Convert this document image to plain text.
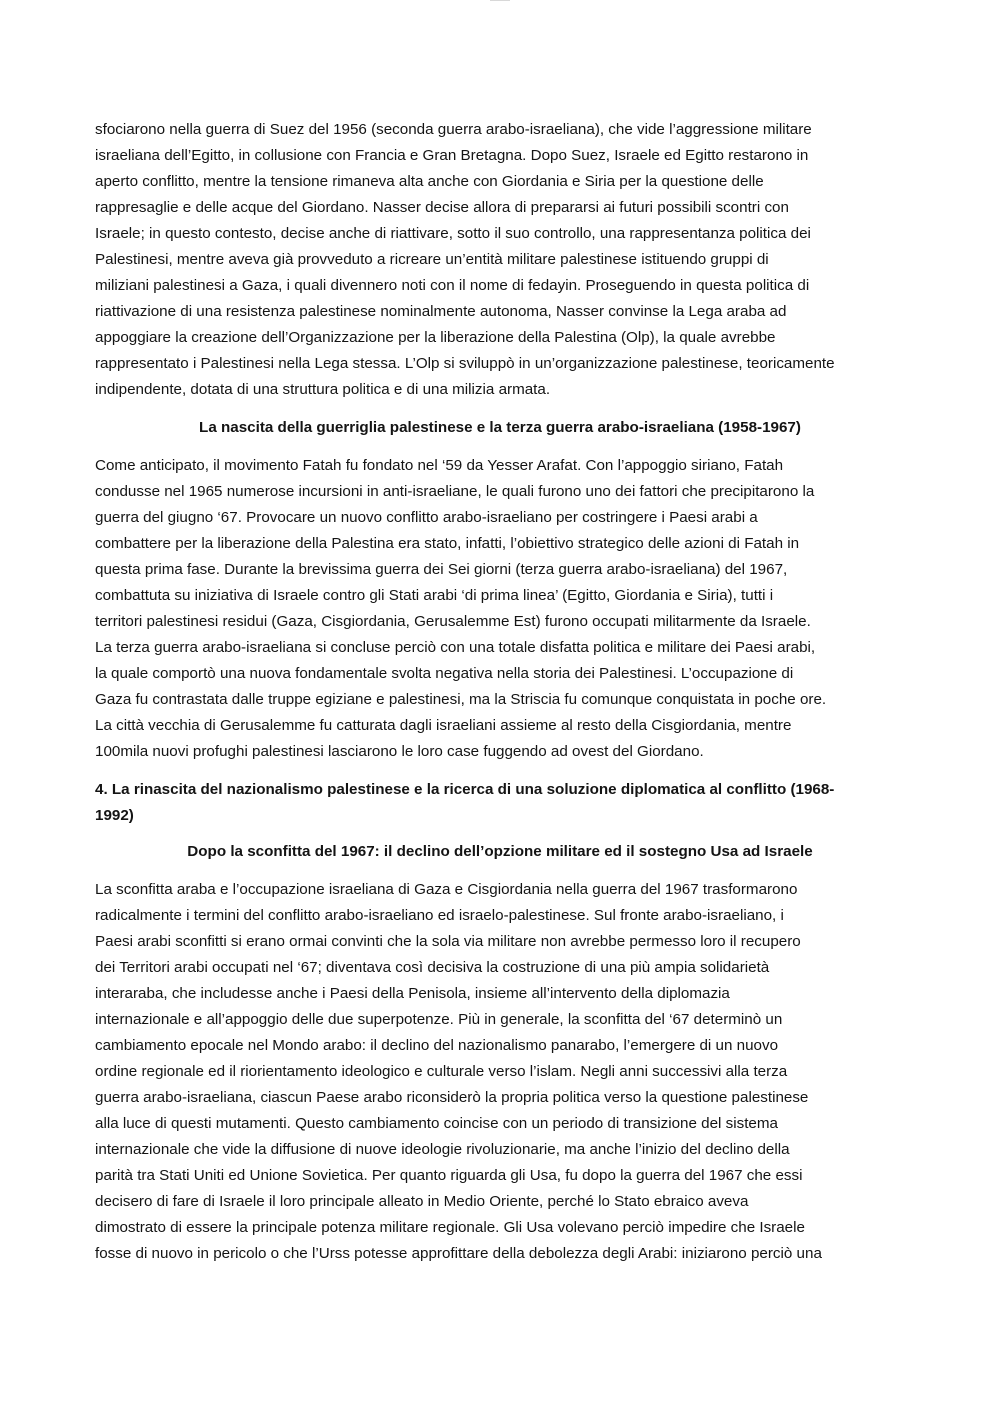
sfociarono nella guerra di Suez del 1956 (seconda guerra arabo-israeliana), che vide l’aggressione militare
israeliana dell’Egitto, in collusione con Francia e Gran Bretagna. Dopo Suez, Israele ed Egitto restarono in
aperto conflitto, mentre la tensione rimaneva alta anche con Giordania e Siria per la questione delle
rappresaglie e delle acque del Giordano. Nasser decise allora di prepararsi ai futuri possibili scontri con
Israele; in questo contesto, decise anche di riattivare, sotto il suo controllo, una rappresentanza politica dei
Palestinesi, mentre aveva già provveduto a ricreare un’entità militare palestinese istituendo gruppi di
miliziani palestinesi a Gaza, i quali divennero noti con il nome di fedayin. Proseguendo in questa politica di
riattivazione di una resistenza palestinese nominalmente autonoma, Nasser convinse la Lega araba ad
appoggiare la creazione dell’Organizzazione per la liberazione della Palestina (Olp), la quale avrebbe
rappresentato i Palestinesi nella Lega stessa. L’Olp si sviluppò in un’organizzazione palestinese, teoricamente
indipendente, dotata di una struttura politica e di una milizia armata.
La nascita della guerriglia palestinese e la terza guerra arabo-israeliana (1958-1967)
Come anticipato, il movimento Fatah fu fondato nel ‘59 da Yesser Arafat. Con l’appoggio siriano, Fatah
condusse nel 1965 numerose incursioni in anti-israeliane, le quali furono uno dei fattori che precipitarono la
guerra del giugno ‘67. Provocare un nuovo conflitto arabo-israeliano per costringere i Paesi arabi a
combattere per la liberazione della Palestina era stato, infatti, l’obiettivo strategico delle azioni di Fatah in
questa prima fase. Durante la brevissima guerra dei Sei giorni (terza guerra arabo-israeliana) del 1967,
combattuta su iniziativa di Israele contro gli Stati arabi ‘di prima linea’ (Egitto, Giordania e Siria), tutti i
territori palestinesi residui (Gaza, Cisgiordania, Gerusalemme Est) furono occupati militarmente da Israele.
La terza guerra arabo-israeliana si concluse perciò con una totale disfatta politica e militare dei Paesi arabi,
la quale comportò una nuova fondamentale svolta negativa nella storia dei Palestinesi. L’occupazione di
Gaza fu contrastata dalle truppe egiziane e palestinesi, ma la Striscia fu comunque conquistata in poche ore.
La città vecchia di Gerusalemme fu catturata dagli israeliani assieme al resto della Cisgiordania, mentre
100mila nuovi profughi palestinesi lasciarono le loro case fuggendo ad ovest del Giordano.
4. La rinascita del nazionalismo palestinese e la ricerca di una soluzione diplomatica al conflitto (1968-
1992)
Dopo la sconfitta del 1967: il declino dell’opzione militare ed il sostegno Usa ad Israele
La sconfitta araba e l’occupazione israeliana di Gaza e Cisgiordania nella guerra del 1967 trasformarono
radicalmente i termini del conflitto arabo-israeliano ed israelo-palestinese. Sul fronte arabo-israeliano, i
Paesi arabi sconfitti si erano ormai convinti che la sola via militare non avrebbe permesso loro il recupero
dei Territori arabi occupati nel ‘67; diventava così decisiva la costruzione di una più ampia solidarietà
interaraba, che includesse anche i Paesi della Penisola, insieme all’intervento della diplomazia
internazionale e all’appoggio delle due superpotenze. Più in generale, la sconfitta del ‘67 determinò un
cambiamento epocale nel Mondo arabo: il declino del nazionalismo panarabo, l’emergere di un nuovo
ordine regionale ed il riorientamento ideologico e culturale verso l’islam. Negli anni successivi alla terza
guerra arabo-israeliana, ciascun Paese arabo riconsiderò la propria politica verso la questione palestinese
alla luce di questi mutamenti. Questo cambiamento coincise con un periodo di transizione del sistema
internazionale che vide la diffusione di nuove ideologie rivoluzionarie, ma anche l’inizio del declino della
parità tra Stati Uniti ed Unione Sovietica. Per quanto riguarda gli Usa, fu dopo la guerra del 1967 che essi
decisero di fare di Israele il loro principale alleato in Medio Oriente, perché lo Stato ebraico aveva
dimostrato di essere la principale potenza militare regionale. Gli Usa volevano perciò impedire che Israele
fosse di nuovo in pericolo o che l’Urss potesse approfittare della debolezza degli Arabi: iniziarono perciò una
